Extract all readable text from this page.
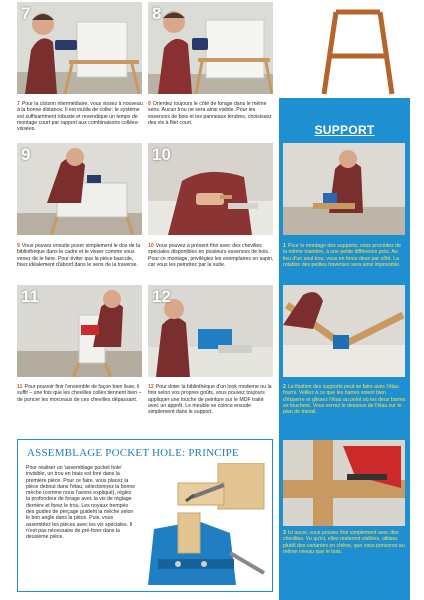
7	8
7 Pour la cloison intermédiaire, vous vissez à nouveau à la bonne distance. Il est inutile de coller: le système est suffisamment robuste et revendique un temps de montage court par rapport aux combinaisons collées-vissées.
8 Orientez toujours le côté de forage dans le même sens. Aucun trou ne sera ainsi visible. Pour les essences de bois et les panneaux tendres, choisissez des vis à filet court.
9	10
9 Vous pouvez ensuite poser simplement le dos de la bibliothèque dans le cadre et le visser comme vous venez de le faire. Pour éviter que la pièce bascule, fixez idéalement d'abord dans le sens de la traverse.
10 Vous pouvez à présent finir avec des chevilles spéciales disponibles en plusieurs essences de bois. Pour ce montage, privilégiez les exemplaires en sapin, car vous les peindrez par la suite.
11	12
11 Pour pouvoir finir l'ensemble de façon bien lisse, il suffit – une fois que les chevilles colles tiennent bien – de poncer les morceaux de ces chevilles dépassant.
12 Pour doter la bibliothèque d'un look moderne ou la finir selon vos propres goûts, vous pouvez toujours appliquer une touche de peinture sur le MDF traité avec un apprêt. Le meuble se coince ensuite simplement dans le support.
SUPPORT
1 Pour le montage des supports, vous procédez de la même manière, à une petite différence près. Au lieu d'un seul trou, vous en forez deux par côté. La rotation des petites traverses sera ainsi impossible.
2 La fixation des supports peut se faire avec l'étau fourni. Veillez à ce que les barres soient bien d'équerre et glissez l'étau au point où les deux barres se touchent. Vous serrez le dessous de l'étau sur le plan de travail.
3 Ici aussi, vous pouvez finir simplement avec des chevilles. Vu qu'ici, elles resteront visibles, utilisez plutôt des variantes en chêne, que vous poncerez au même niveau que le bois.
ASSEMBLAGE POCKET HOLE: PRINCIPE
Pour réaliser un 'assemblage pocket hole' invisible, un trou en biais est foré dans la première pièce. Pour ce faire, vous placez la pièce debout dans l'étau, sélectionnez la bonne mèche (comme nous l'avons expliqué), réglez la profondeur de forage avec la vis de réglage derrière et forez le trou. Les noyaux trempés des guides de perçage guident la mèche selon le bon angle dans la pièce. Puis, vous assemblez les pièces avec les vis spéciales. Il n'est pas nécessaire de pré-forer dans la deuxième pièce.
